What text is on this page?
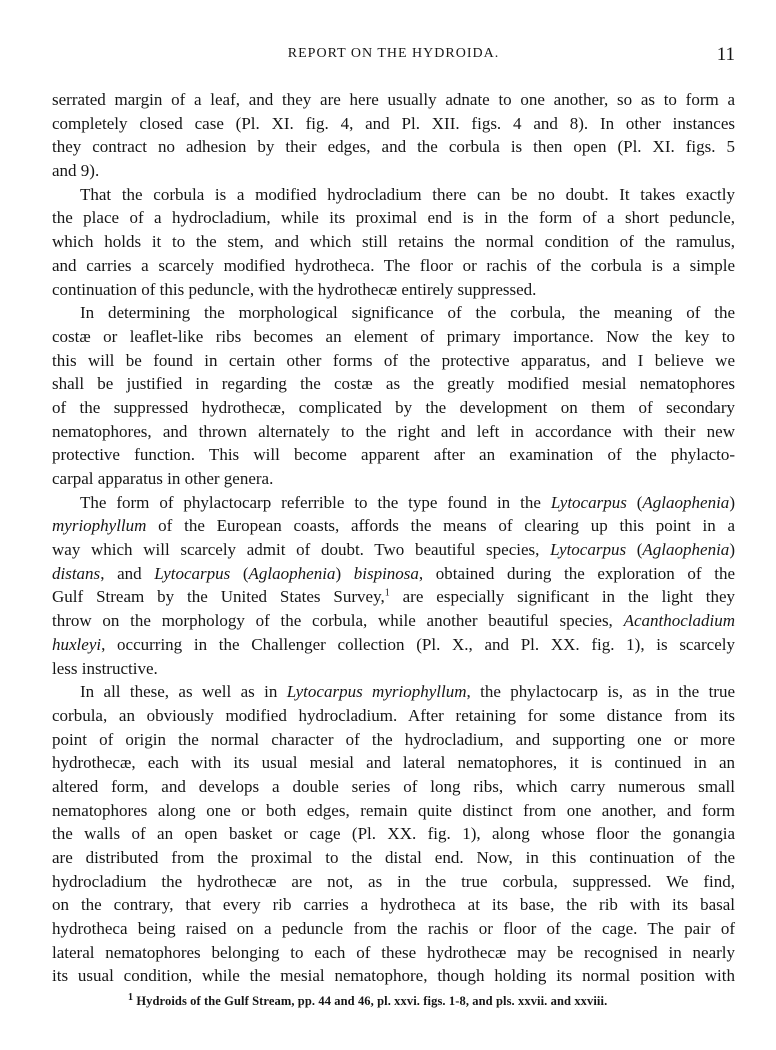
REPORT ON THE HYDROIDA.	11
serrated margin of a leaf, and they are here usually adnate to one another, so as to form a
completely closed case (Pl. XI. fig. 4, and Pl. XII. figs. 4 and 8). In other instances
they contract no adhesion by their edges, and the corbula is then open (Pl. XI. figs. 5
and 9).
That the corbula is a modified hydrocladium there can be no doubt. It takes exactly
the place of a hydrocladium, while its proximal end is in the form of a short peduncle,
which holds it to the stem, and which still retains the normal condition of the ramulus,
and carries a scarcely modified hydrotheca. The floor or rachis of the corbula is a simple
continuation of this peduncle, with the hydrothecæ entirely suppressed.
In determining the morphological significance of the corbula, the meaning of the
costæ or leaflet-like ribs becomes an element of primary importance. Now the key to
this will be found in certain other forms of the protective apparatus, and I believe we
shall be justified in regarding the costæ as the greatly modified mesial nematophores
of the suppressed hydrothecæ, complicated by the development on them of secondary
nematophores, and thrown alternately to the right and left in accordance with their new
protective function. This will become apparent after an examination of the phylacto-
carpal apparatus in other genera.
The form of phylactocarp referrible to the type found in the Lytocarpus (Aglaophenia)
myriophyllum of the European coasts, affords the means of clearing up this point in a
way which will scarcely admit of doubt. Two beautiful species, Lytocarpus (Aglaophenia)
distans, and Lytocarpus (Aglaophenia) bispinosa, obtained during the exploration of the
Gulf Stream by the United States Survey,$^1$ are especially significant in the light they
throw on the morphology of the corbula, while another beautiful species, Acanthocladium
huxleyi, occurring in the Challenger collection (Pl. X., and Pl. XX. fig. 1), is scarcely
less instructive.
In all these, as well as in Lytocarpus myriophyllum, the phylactocarp is, as in the true
corbula, an obviously modified hydrocladium. After retaining for some distance from its
point of origin the normal character of the hydrocladium, and supporting one or more
hydrothecæ, each with its usual mesial and lateral nematophores, it is continued in an
altered form, and develops a double series of long ribs, which carry numerous small
nematophores along one or both edges, remain quite distinct from one another, and form
the walls of an open basket or cage (Pl. XX. fig. 1), along whose floor the gonangia
are distributed from the proximal to the distal end. Now, in this continuation of the
hydrocladium the hydrothecæ are not, as in the true corbula, suppressed. We find,
on the contrary, that every rib carries a hydrotheca at its base, the rib with its basal
hydrotheca being raised on a peduncle from the rachis or floor of the cage. The pair of
lateral nematophores belonging to each of these hydrothecæ may be recognised in nearly
its usual condition, while the mesial nematophore, though holding its normal position with
$^1$ Hydroids of the Gulf Stream, pp. 44 and 46, pl. xxvi. figs. 1-8, and pls. xxvii. and xxviii.
